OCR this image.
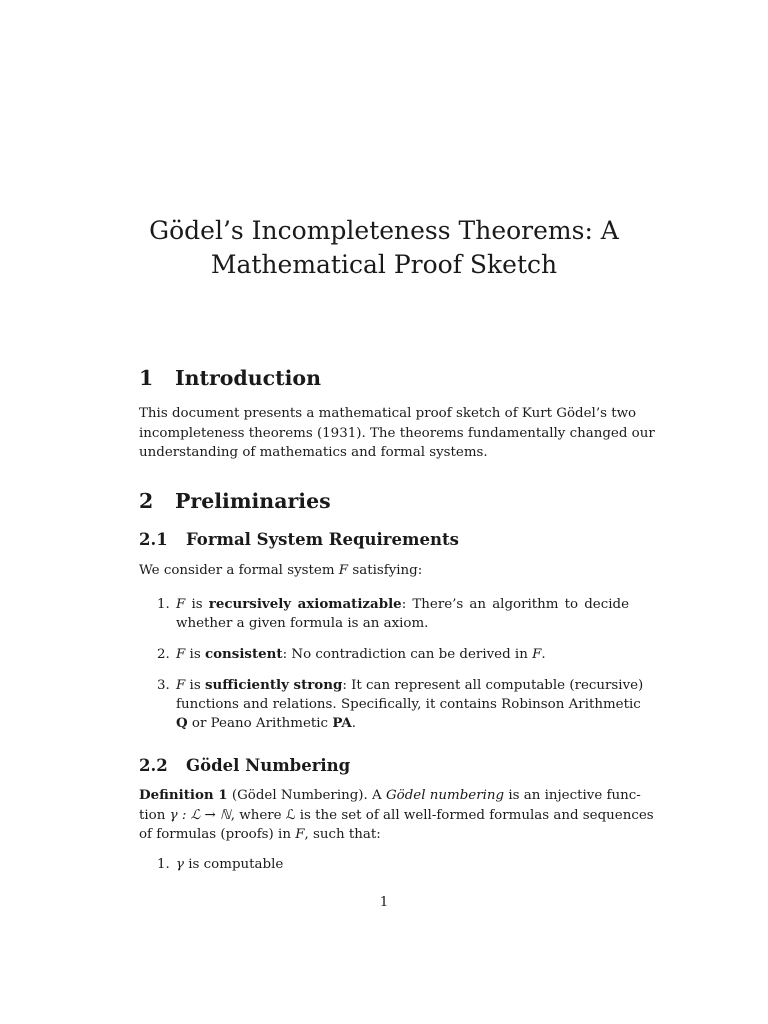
Gödel’s Incompleteness Theorems: A
Mathematical Proof Sketch
1 Introduction

This document presents a mathematical proof sketch of Kurt Gödel’s two
incompleteness theorems (1931). The theorems fundamentally changed our
understanding of mathematics and formal systems.

2 Preliminaries
2.1 Formal System Requirements

We consider a formal system F satisfying:

1. F is recursively axiomatizable: There’s an algorithm to decide
whether a given formula is an axiom.
2. F is consistent: No contradiction can be derived in F.
3. F is sufficiently strong: It can represent all computable (recursive)
functions and relations. Specifically, it contains Robinson Arithmetic
Q or Peano Arithmetic PA.
2.2 Gödel Numbering

Definition 1 (Gödel Numbering). A Gödel numbering is an injective func-
tion γ : ℒ → ℕ, where ℒ is the set of all well-formed formulas and sequences
of formulas (proofs) in F, such that:

1. γ is computable
1
